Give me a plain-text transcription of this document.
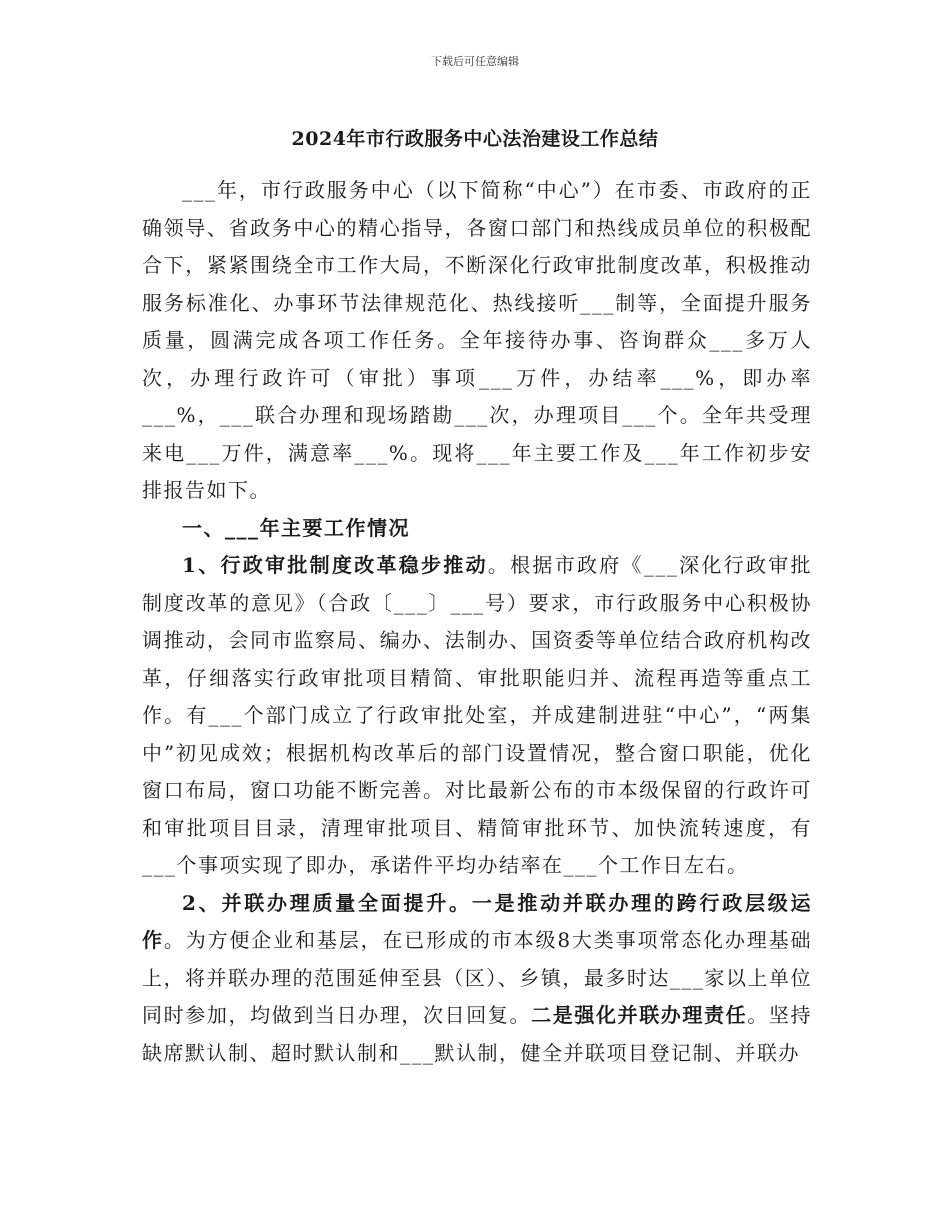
下载后可任意编辑
2024年市行政服务中心法治建设工作总结

___年，市行政服务中心（以下简称“中心”）在市委、市政府的正确领导、省政务中心的精心指导，各窗口部门和热线成员单位的积极配合下，紧紧围绕全市工作大局，不断深化行政审批制度改革，积极推动服务标准化、办事环节法律规范化、热线接听___制等，全面提升服务质量，圆满完成各项工作任务。全年接待办事、咨询群众___多万人次，办理行政许可（审批）事项___万件，办结率___%，即办率___%，___联合办理和现场踏勘___次，办理项目___个。全年共受理来电___万件，满意率___%。现将___年主要工作及___年工作初步安排报告如下。

一、___年主要工作情况

1、行政审批制度改革稳步推动。根据市政府《___深化行政审批制度改革的意见》（合政〔___〕___号）要求，市行政服务中心积极协调推动，会同市监察局、编办、法制办、国资委等单位结合政府机构改革，仔细落实行政审批项目精简、审批职能归并、流程再造等重点工作。有___个部门成立了行政审批处室，并成建制进驻“中心”，“两集中”初见成效；根据机构改革后的部门设置情况，整合窗口职能，优化窗口布局，窗口功能不断完善。对比最新公布的市本级保留的行政许可和审批项目目录，清理审批项目、精简审批环节、加快流转速度，有___个事项实现了即办，承诺件平均办结率在___个工作日左右。

2、并联办理质量全面提升。一是推动并联办理的跨行政层级运作。为方便企业和基层，在已形成的市本级8大类事项常态化办理基础上，将并联办理的范围延伸至县（区）、乡镇，最多时达___家以上单位同时参加，均做到当日办理，次日回复。二是强化并联办理责任。坚持缺席默认制、超时默认制和___默认制，健全并联项目登记制、并联办
